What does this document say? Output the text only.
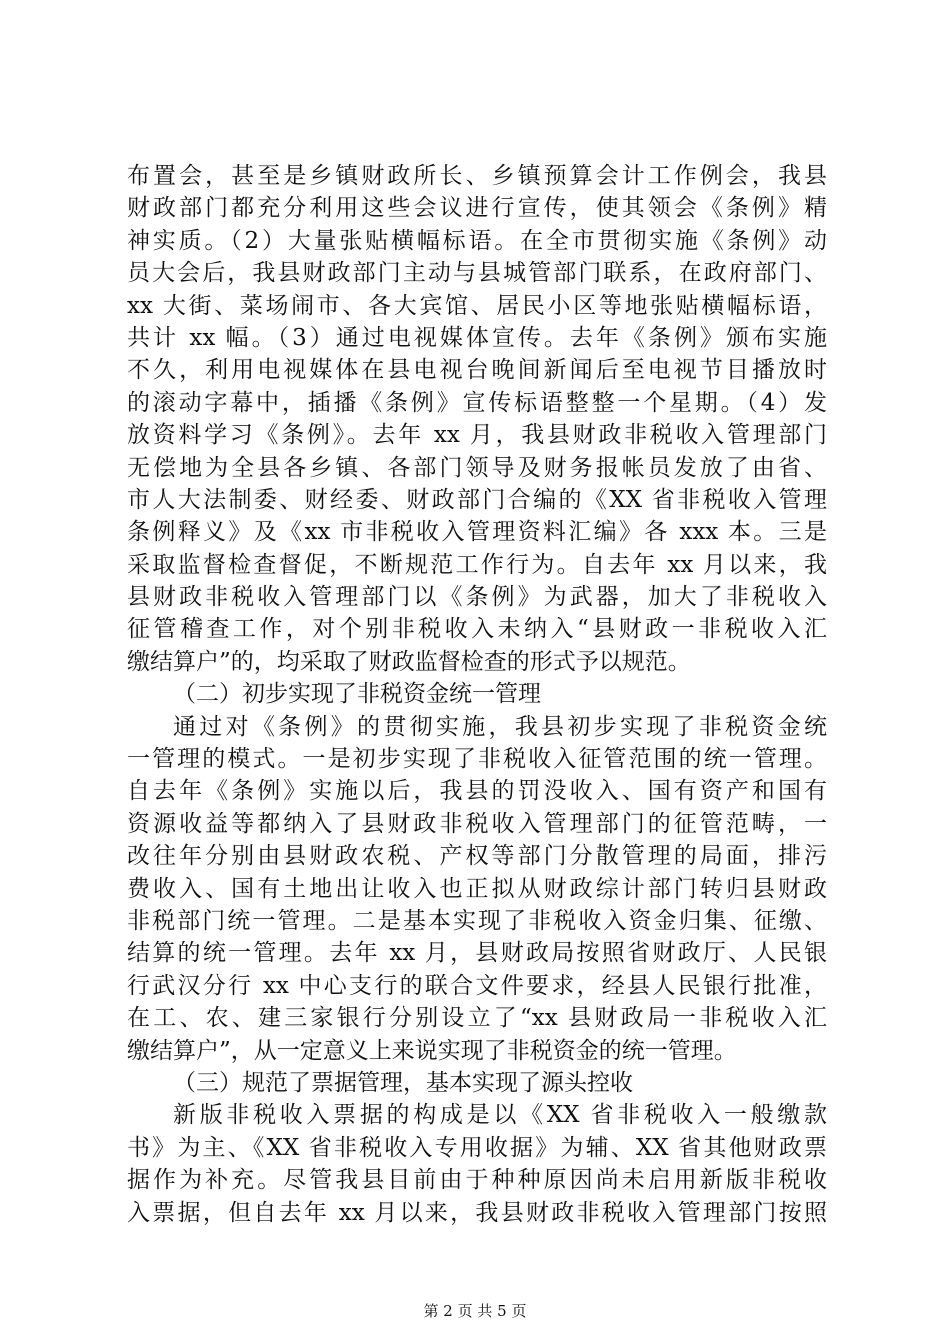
布置会，甚至是乡镇财政所长、乡镇预算会计工作例会，我县
财政部门都充分利用这些会议进行宣传，使其领会《条例》精
神实质。（2）大量张贴横幅标语。在全市贯彻实施《条例》动
员大会后，我县财政部门主动与县城管部门联系，在政府部门、
xx 大街、菜场闹市、各大宾馆、居民小区等地张贴横幅标语，
共计 xx 幅。（3）通过电视媒体宣传。去年《条例》颁布实施
不久，利用电视媒体在县电视台晚间新闻后至电视节目播放时
的滚动字幕中，插播《条例》宣传标语整整一个星期。（4）发
放资料学习《条例》。去年 xx 月，我县财政非税收入管理部门
无偿地为全县各乡镇、各部门领导及财务报帐员发放了由省、
市人大法制委、财经委、财政部门合编的《XX 省非税收入管理
条例释义》及《xx 市非税收入管理资料汇编》各 xxx 本。三是
采取监督检查督促，不断规范工作行为。自去年 xx 月以来，我
县财政非税收入管理部门以《条例》为武器，加大了非税收入
征管稽查工作，对个别非税收入未纳入“县财政一非税收入汇
缴结算户”的，均采取了财政监督检查的形式予以规范。
（二）初步实现了非税资金统一管理
通过对《条例》的贯彻实施，我县初步实现了非税资金统
一管理的模式。一是初步实现了非税收入征管范围的统一管理。
自去年《条例》实施以后，我县的罚没收入、国有资产和国有
资源收益等都纳入了县财政非税收入管理部门的征管范畴，一
改往年分别由县财政农税、产权等部门分散管理的局面，排污
费收入、国有土地出让收入也正拟从财政综计部门转归县财政
非税部门统一管理。二是基本实现了非税收入资金归集、征缴、
结算的统一管理。去年 xx 月，县财政局按照省财政厅、人民银
行武汉分行 xx 中心支行的联合文件要求，经县人民银行批准，
在工、农、建三家银行分别设立了“xx 县财政局一非税收入汇
缴结算户”，从一定意义上来说实现了非税资金的统一管理。
（三）规范了票据管理，基本实现了源头控收
新版非税收入票据的构成是以《XX 省非税收入一般缴款
书》为主、《XX 省非税收入专用收据》为辅、XX 省其他财政票
据作为补充。尽管我县目前由于种种原因尚未启用新版非税收
入票据，但自去年 xx 月以来，我县财政非税收入管理部门按照
第 2 页 共 5 页
